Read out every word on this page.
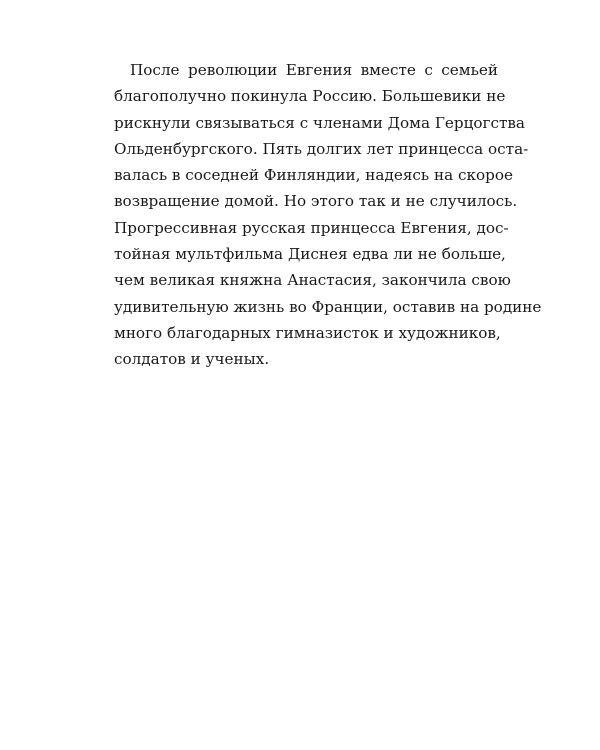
После революции Евгения вместе с семьей
благополучно покинула Россию. Большевики не
рискнули связываться с членами Дома Герцогства
Ольденбургского. Пять долгих лет принцесса оста-
валась в соседней Финляндии, надеясь на скорое
возвращение домой. Но этого так и не случилось.
Прогрессивная русская принцесса Евгения, дос-
тойная мультфильма Диснея едва ли не больше,
чем великая княжна Анастасия, закончила свою
удивительную жизнь во Франции, оставив на родине
много благодарных гимназисток и художников,
солдатов и ученых.
